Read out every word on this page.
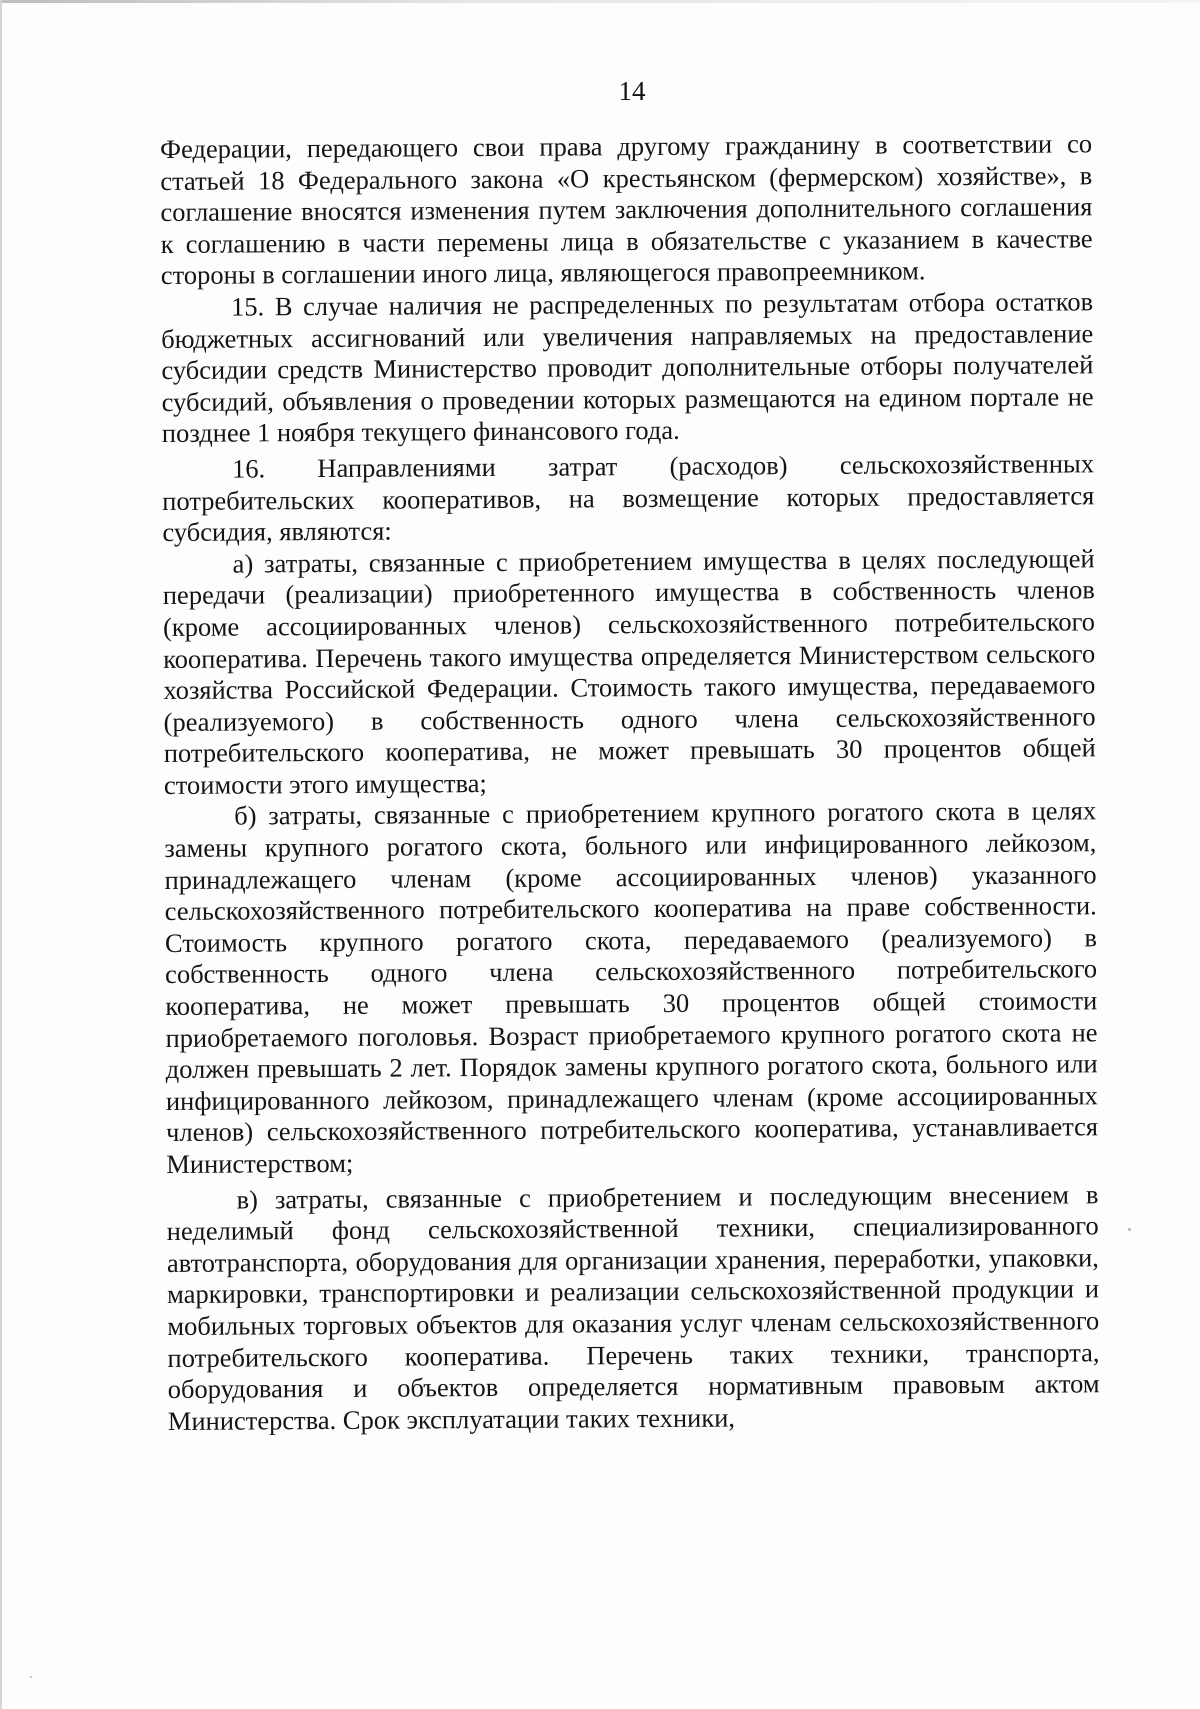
14

Федерации, передающего свои права другому гражданину в соответствии со статьей 18 Федерального закона «О крестьянском (фермерском) хозяйстве», в соглашение вносятся изменения путем заключения дополнительного соглашения к соглашению в части перемены лица в обязательстве с указанием в качестве стороны в соглашении иного лица, являющегося правопреемником.

15. В случае наличия не распределенных по результатам отбора остатков бюджетных ассигнований или увеличения направляемых на предоставление субсидии средств Министерство проводит дополнительные отборы получателей субсидий, объявления о проведении которых размещаются на едином портале не позднее 1 ноября текущего финансового года.

16. Направлениями затрат (расходов) сельскохозяйственных потребительских кооперативов, на возмещение которых предоставляется субсидия, являются:

а) затраты, связанные с приобретением имущества в целях последующей передачи (реализации) приобретенного имущества в собственность членов (кроме ассоциированных членов) сельскохозяйственного потребительского кооператива. Перечень такого имущества определяется Министерством сельского хозяйства Российской Федерации. Стоимость такого имущества, передаваемого (реализуемого) в собственность одного члена сельскохозяйственного потребительского кооператива, не может превышать 30 процентов общей стоимости этого имущества;

б) затраты, связанные с приобретением крупного рогатого скота в целях замены крупного рогатого скота, больного или инфицированного лейкозом, принадлежащего членам (кроме ассоциированных членов) указанного сельскохозяйственного потребительского кооператива на праве собственности. Стоимость крупного рогатого скота, передаваемого (реализуемого) в собственность одного члена сельскохозяйственного потребительского кооператива, не может превышать 30 процентов общей стоимости приобретаемого поголовья. Возраст приобретаемого крупного рогатого скота не должен превышать 2 лет. Порядок замены крупного рогатого скота, больного или инфицированного лейкозом, принадлежащего членам (кроме ассоциированных членов) сельскохозяйственного потребительского кооператива, устанавливается Министерством;

в) затраты, связанные с приобретением и последующим внесением в неделимый фонд сельскохозяйственной техники, специализированного автотранспорта, оборудования для организации хранения, переработки, упаковки, маркировки, транспортировки и реализации сельскохозяйственной продукции и мобильных торговых объектов для оказания услуг членам сельскохозяйственного потребительского кооператива. Перечень таких техники, транспорта, оборудования и объектов определяется нормативным правовым актом Министерства. Срок эксплуатации таких техники,
